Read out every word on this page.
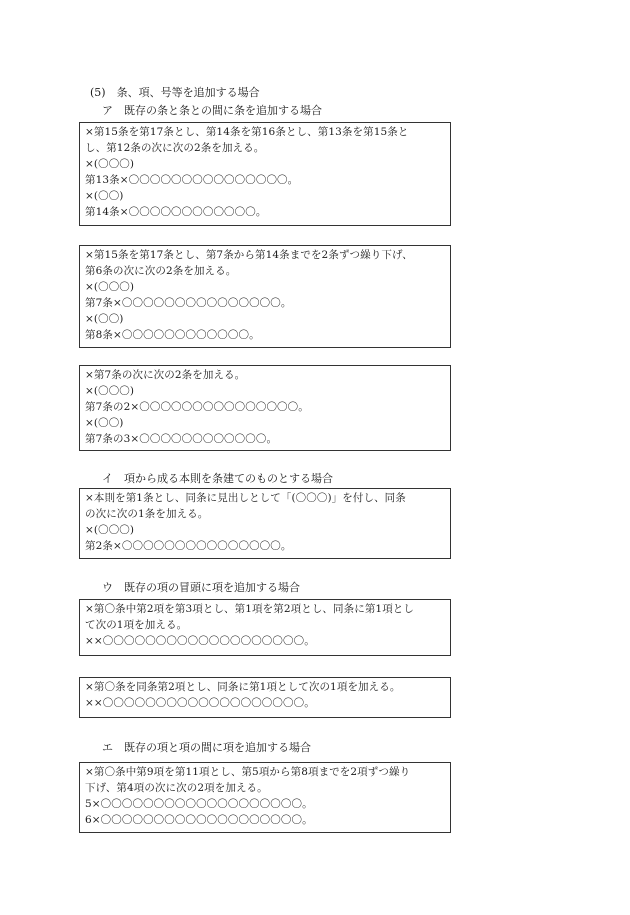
(5)　条、項、号等を追加する場合
ア　既存の条と条との間に条を追加する場合
×第15条を第17条とし、第14条を第16条とし、第13条を第15条と
し、第12条の次に次の2条を加える。
×(〇〇〇)
第13条×〇〇〇〇〇〇〇〇〇〇〇〇〇〇〇。
×(〇〇)
第14条×〇〇〇〇〇〇〇〇〇〇〇〇。
×第15条を第17条とし、第7条から第14条までを2条ずつ繰り下げ、
第6条の次に次の2条を加える。
×(〇〇〇)
第7条×〇〇〇〇〇〇〇〇〇〇〇〇〇〇〇。
×(〇〇)
第8条×〇〇〇〇〇〇〇〇〇〇〇〇。
×第7条の次に次の2条を加える。
×(〇〇〇)
第7条の2×〇〇〇〇〇〇〇〇〇〇〇〇〇〇〇。
×(〇〇)
第7条の3×〇〇〇〇〇〇〇〇〇〇〇〇。
イ　項から成る本則を条建てのものとする場合
×本則を第1条とし、同条に見出しとして「(〇〇〇)」を付し、同条
の次に次の1条を加える。
×(〇〇〇)
第2条×〇〇〇〇〇〇〇〇〇〇〇〇〇〇〇。
ウ　既存の項の冒頭に項を追加する場合
×第〇条中第2項を第3項とし、第1項を第2項とし、同条に第1項とし
て次の1項を加える。
××〇〇〇〇〇〇〇〇〇〇〇〇〇〇〇〇〇〇〇。
×第〇条を同条第2項とし、同条に第1項として次の1項を加える。
××〇〇〇〇〇〇〇〇〇〇〇〇〇〇〇〇〇〇〇。
エ　既存の項と項の間に項を追加する場合
×第〇条中第9項を第11項とし、第5項から第8項までを2項ずつ繰り
下げ、第4項の次に次の2項を加える。
5×〇〇〇〇〇〇〇〇〇〇〇〇〇〇〇〇〇〇〇。
6×〇〇〇〇〇〇〇〇〇〇〇〇〇〇〇〇〇〇〇。
